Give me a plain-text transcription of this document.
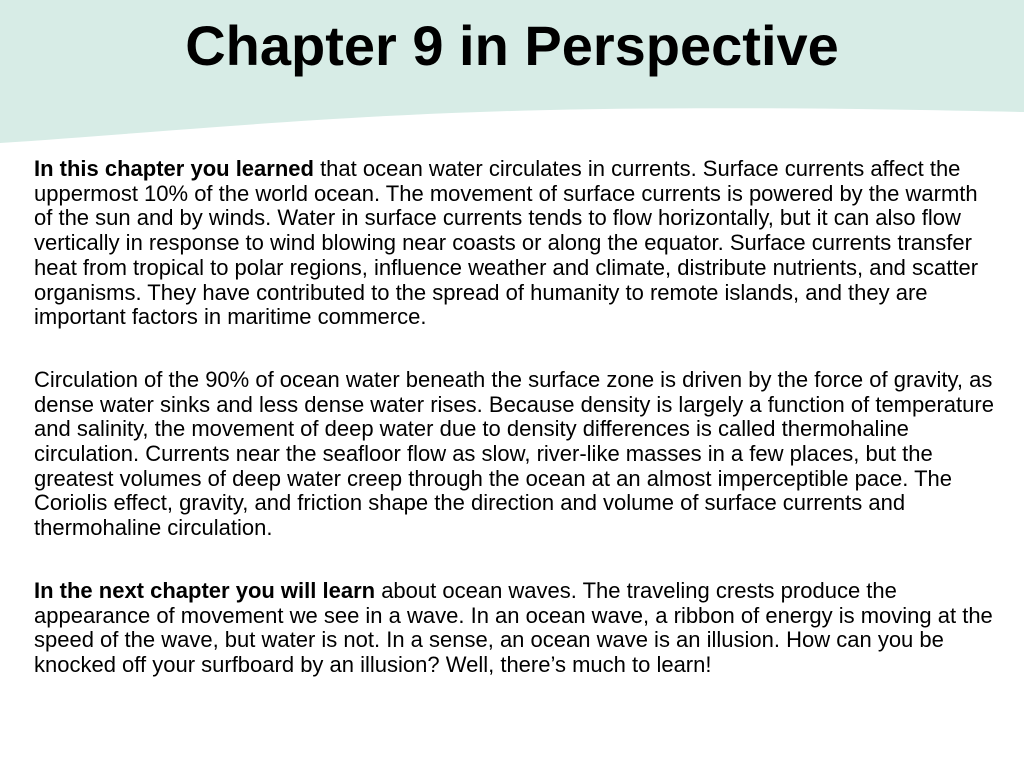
Chapter 9 in Perspective

In this chapter you learned that ocean water circulates in currents. Surface currents affect the uppermost 10% of the world ocean. The movement of surface currents is powered by the warmth of the sun and by winds. Water in surface currents tends to flow horizontally, but it can also flow vertically in response to wind blowing near coasts or along the equator. Surface currents transfer heat from tropical to polar regions, influence weather and climate, distribute nutrients, and scatter organisms. They have contributed to the spread of humanity to remote islands, and they are important factors in maritime commerce.

Circulation of the 90% of ocean water beneath the surface zone is driven by the force of gravity, as dense water sinks and less dense water rises. Because density is largely a function of temperature and salinity, the movement of deep water due to density differences is called thermohaline circulation. Currents near the seafloor flow as slow, river-like masses in a few places, but the greatest volumes of deep water creep through the ocean at an almost imperceptible pace. The Coriolis effect, gravity, and friction shape the direction and volume of surface currents and thermohaline circulation.

In the next chapter you will learn about ocean waves. The traveling crests produce the appearance of movement we see in a wave. In an ocean wave, a ribbon of energy is moving at the speed of the wave, but water is not. In a sense, an ocean wave is an illusion. How can you be knocked off your surfboard by an illusion? Well, there’s much to learn!
